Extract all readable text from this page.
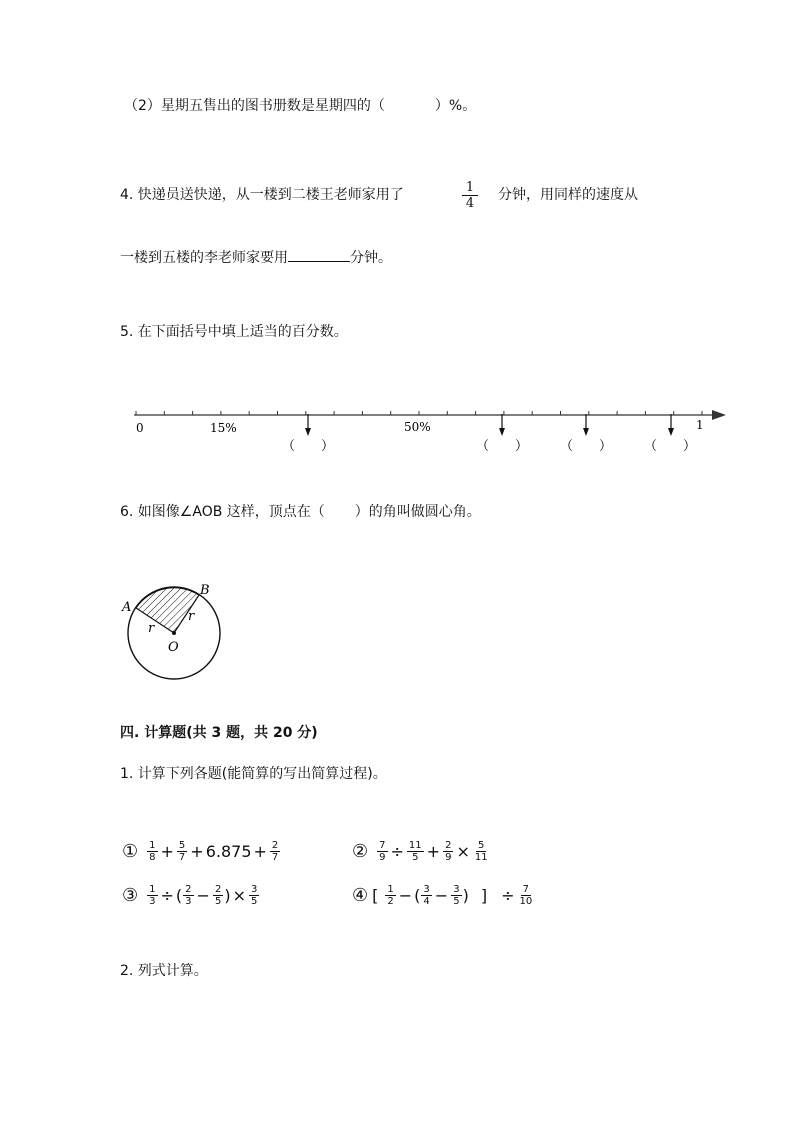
（2）星期五售出的图书册数是星期四的（	）%。
4. 快递员送快递，从一楼到二楼王老师家用了	$\frac{1}{4}$ 分钟，用同样的速度从
一楼到五楼的李老师家要用	分钟。
5. 在下面括号中填上适当的百分数。
0	15%	50%	1
（　　）	（　　） （　　） （　　）
6. 如图像∠AOB 这样，顶点在（ ）的角叫做圆心角。
A
B
O
r
r
四. 计算题(共 3 题，共 20 分)
1. 计算下列各题(能简算的写出简算过程)。
① $\frac{1}{8} + \frac{5}{7} + 6.875 + \frac{2}{7}$	② $\frac{7}{9} \div \frac{11}{5} + \frac{2}{9} \times \frac{5}{11}$
③ $\frac{1}{3}$ ÷ ( $\frac{2}{3} - \frac{2}{5}$ ) × $\frac{3}{5}$	④ [ $\frac{1}{2}$ − ( $\frac{3}{4} - \frac{3}{5}$ ) ] ÷ $\frac{7}{10}$
2. 列式计算。
